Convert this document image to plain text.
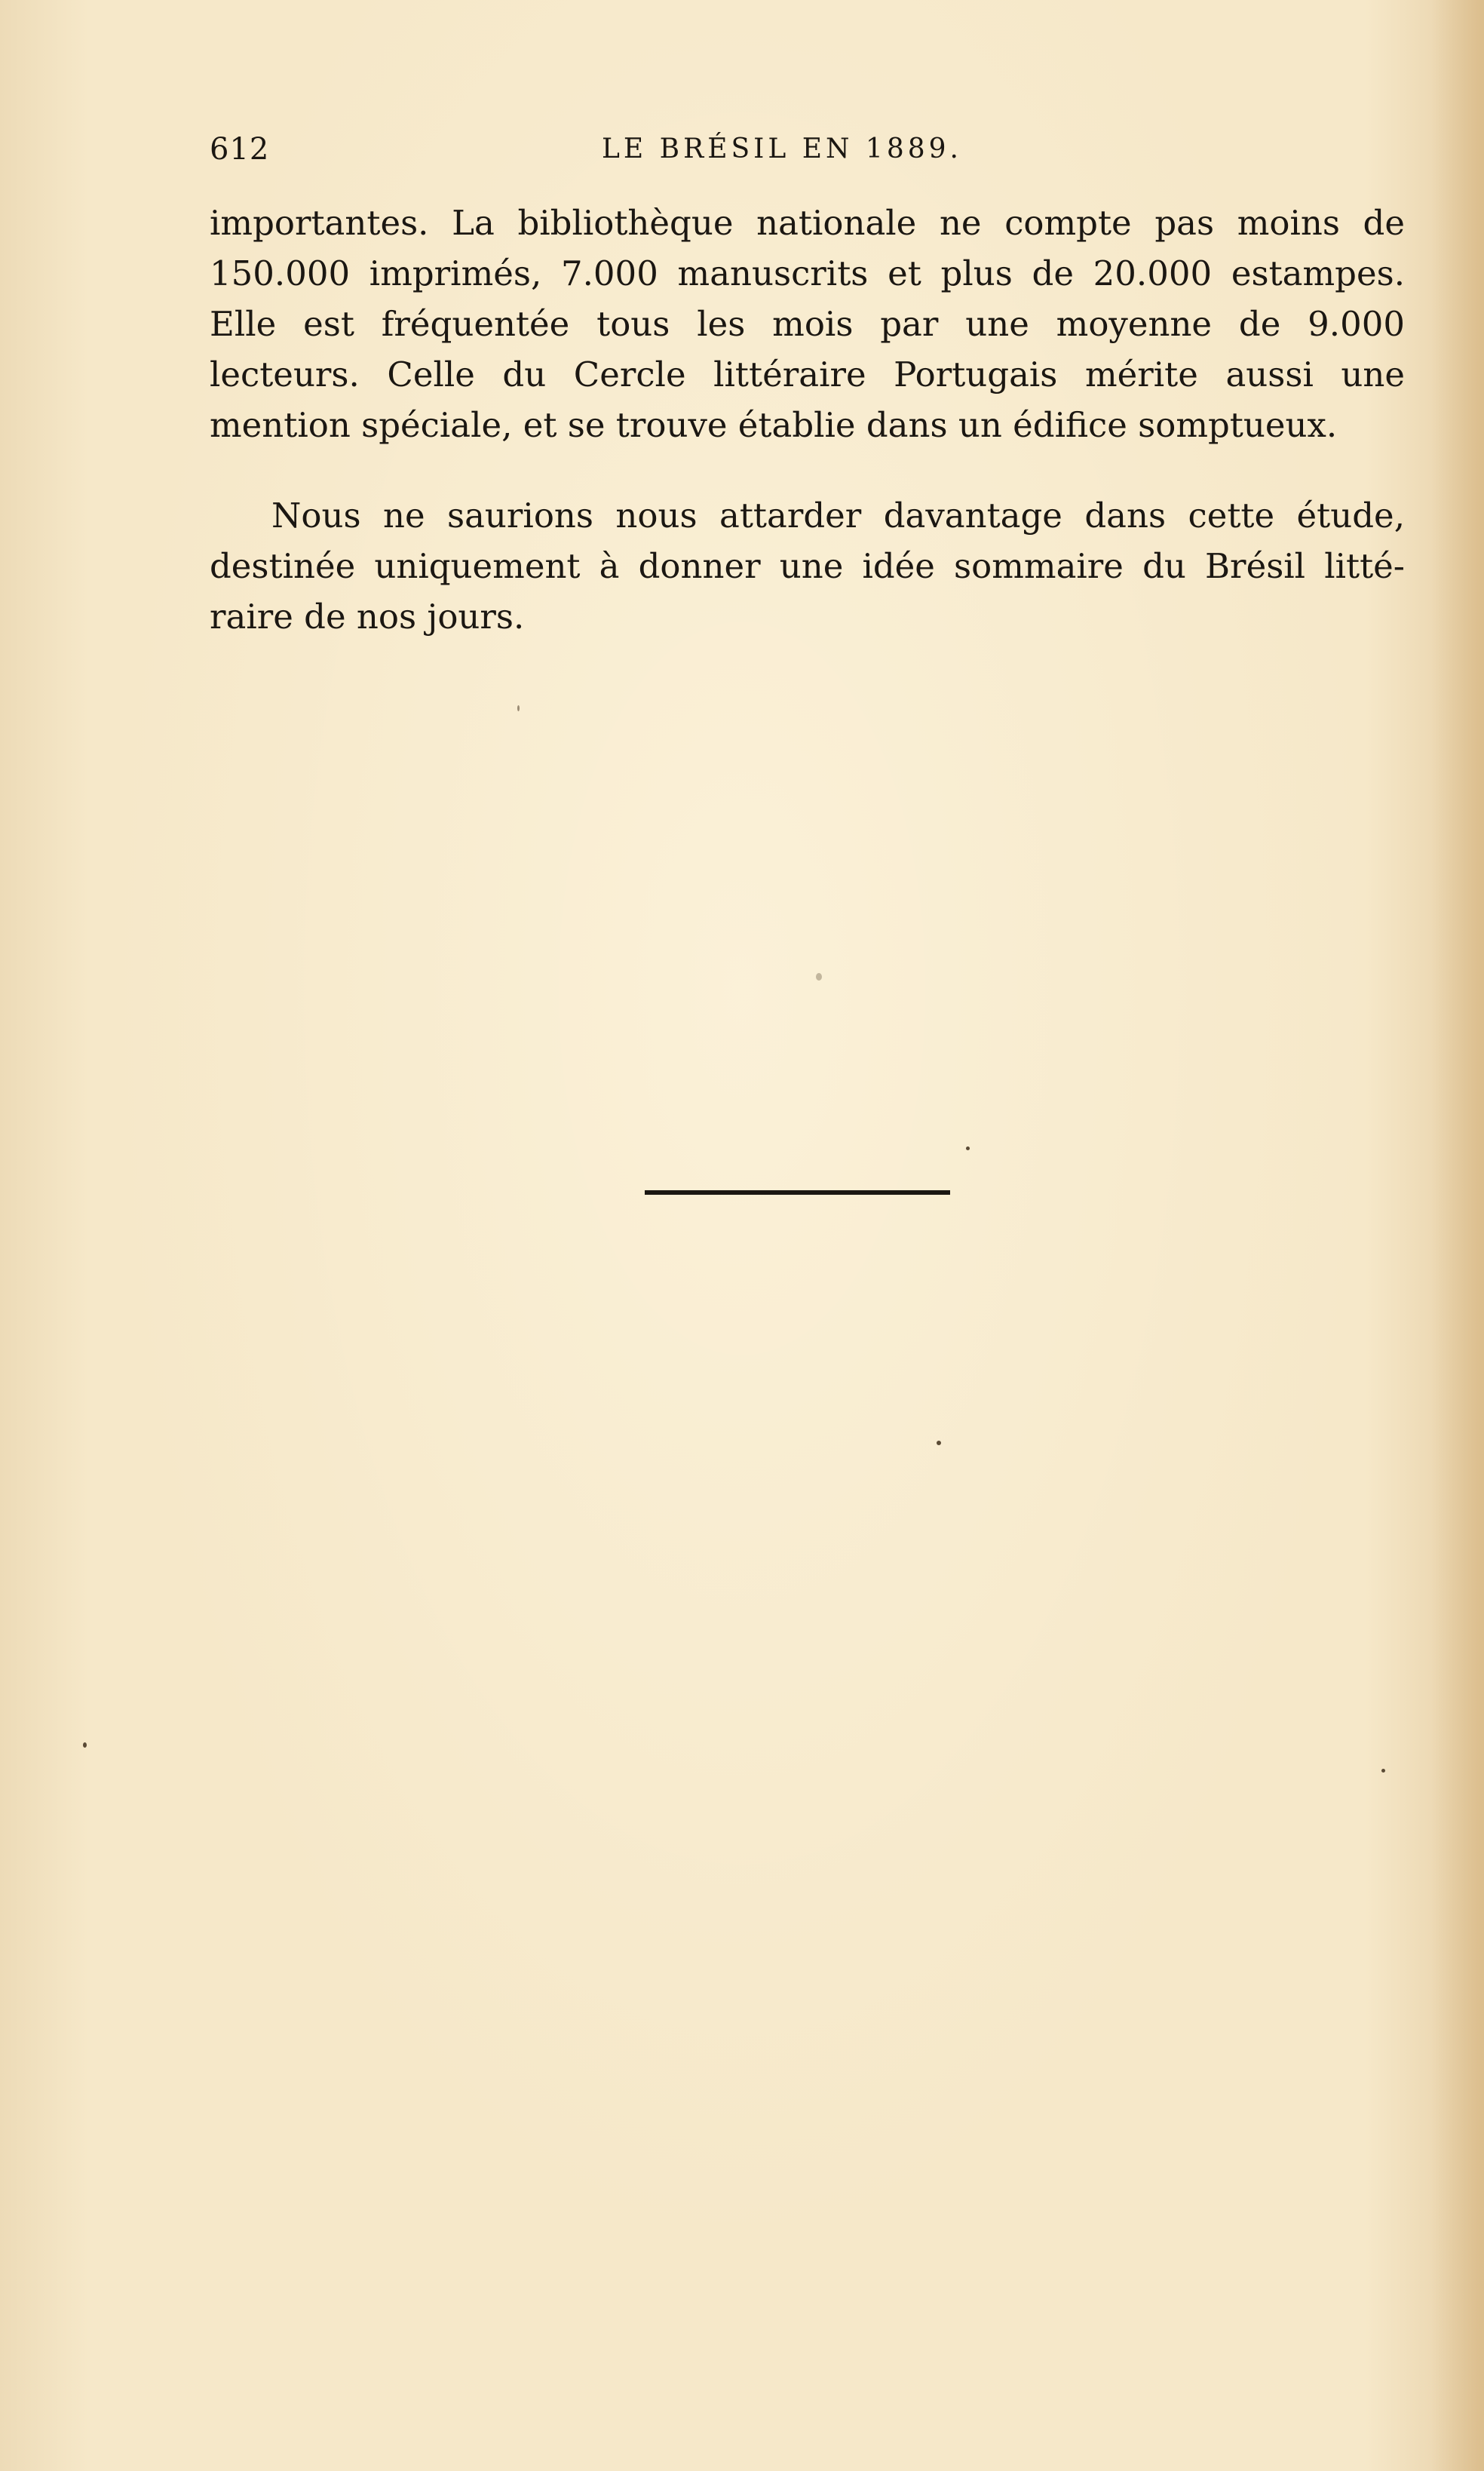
612	LE BRÉSIL EN 1889.
importantes. La bibliothèque nationale ne compte pas moins de
150.000 imprimés, 7.000 manuscrits et plus de 20.000 estampes.
Elle est fréquentée tous les mois par une moyenne de 9.000
lecteurs. Celle du Cercle littéraire Portugais mérite aussi une
mention spéciale, et se trouve établie dans un édifice somptueux.
Nous ne saurions nous attarder davantage dans cette étude,
destinée uniquement à donner une idée sommaire du Brésil litté-
raire de nos jours.
